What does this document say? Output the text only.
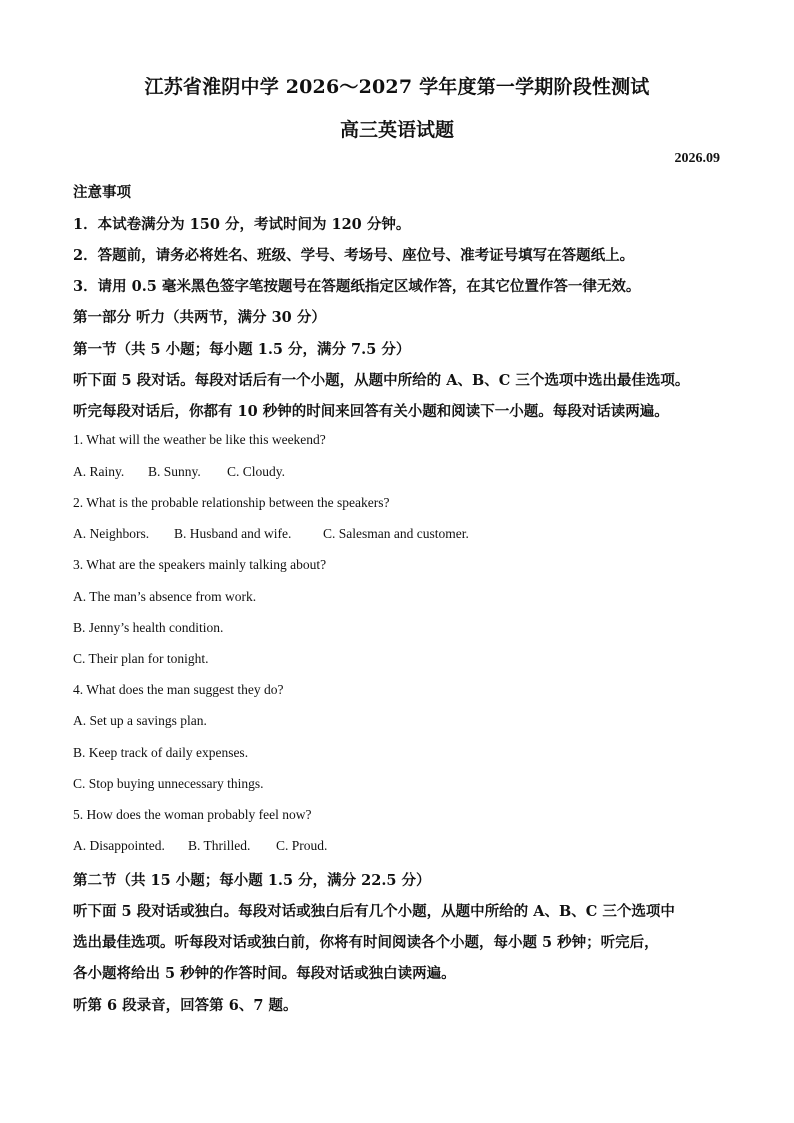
江苏省淮阴中学 2026～2027 学年度第一学期阶段性测试
高三英语试题
2026.09
注意事项
1．本试卷满分为 150 分，考试时间为 120 分钟。
2．答题前，请务必将姓名、班级、学号、考场号、座位号、准考证号填写在答题纸上。
3．请用 0.5 毫米黑色签字笔按题号在答题纸指定区域作答，在其它位置作答一律无效。
第一部分 听力（共两节，满分 30 分）
第一节（共 5 小题；每小题 1.5 分，满分 7.5 分）
听下面 5 段对话。每段对话后有一个小题，从题中所给的 A、B、C 三个选项中选出最佳选项。
听完每段对话后，你都有 10 秒钟的时间来回答有关小题和阅读下一小题。每段对话读两遍。
1. What will the weather be like this weekend?
A. Rainy. B. Sunny. C. Cloudy.
2. What is the probable relationship between the speakers?
A. Neighbors. B. Husband and wife. C. Salesman and customer.
3. What are the speakers mainly talking about?
A. The man’s absence from work.
B. Jenny’s health condition.
C. Their plan for tonight.
4. What does the man suggest they do?
A. Set up a savings plan.
B. Keep track of daily expenses.
C. Stop buying unnecessary things.
5. How does the woman probably feel now?
A. Disappointed. B. Thrilled. C. Proud.
第二节（共 15 小题；每小题 1.5 分，满分 22.5 分）
听下面 5 段对话或独白。每段对话或独白后有几个小题，从题中所给的 A、B、C 三个选项中
选出最佳选项。听每段对话或独白前，你将有时间阅读各个小题，每小题 5 秒钟；听完后，
各小题将给出 5 秒钟的作答时间。每段对话或独白读两遍。
听第 6 段录音，回答第 6、7 题。
